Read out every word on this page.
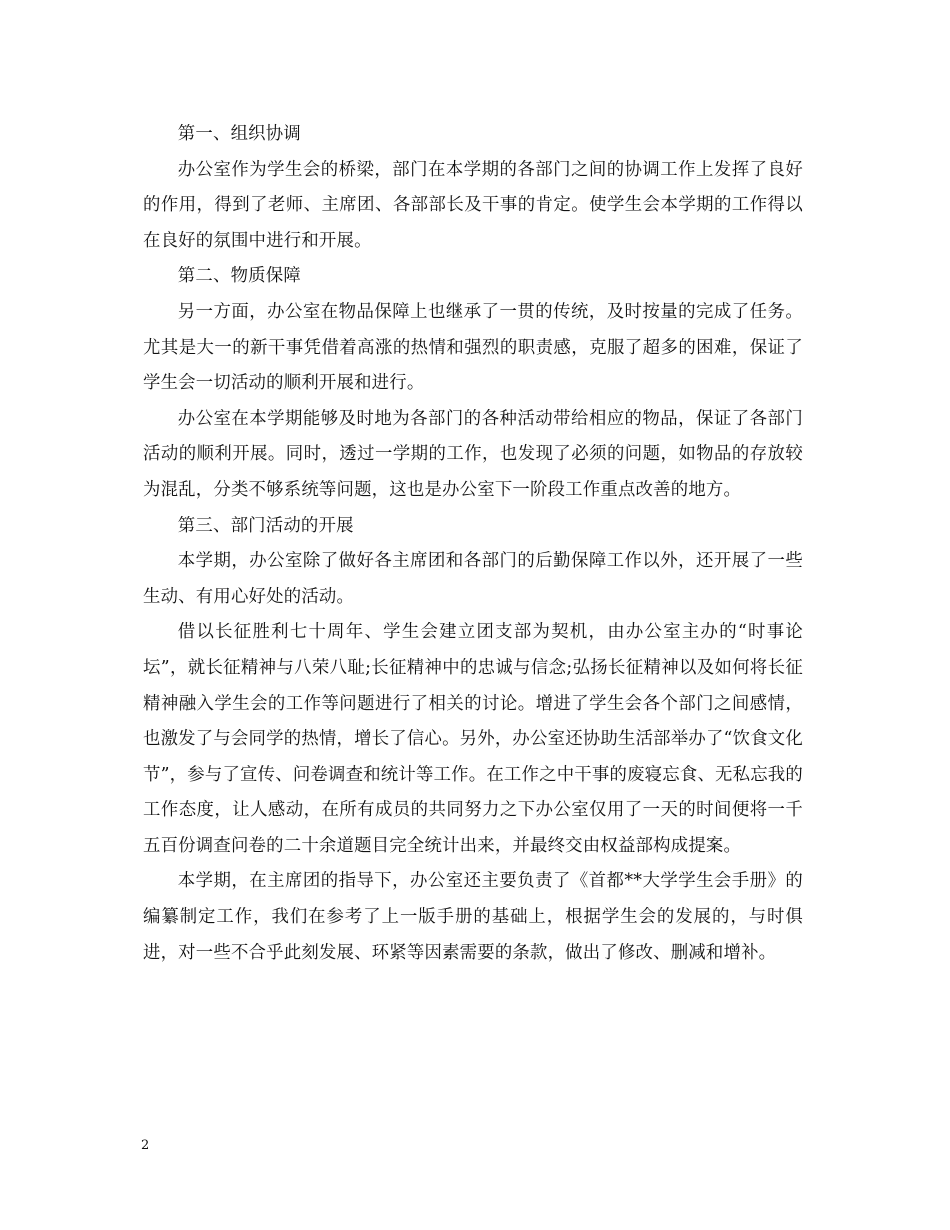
第一、组织协调

办公室作为学生会的桥梁，部门在本学期的各部门之间的协调工作上发挥了良好的作用，得到了老师、主席团、各部部长及干事的肯定。使学生会本学期的工作得以在良好的氛围中进行和开展。

第二、物质保障

另一方面，办公室在物品保障上也继承了一贯的传统，及时按量的完成了任务。尤其是大一的新干事凭借着高涨的热情和强烈的职责感，克服了超多的困难，保证了学生会一切活动的顺利开展和进行。

办公室在本学期能够及时地为各部门的各种活动带给相应的物品，保证了各部门活动的顺利开展。同时，透过一学期的工作，也发现了必须的问题，如物品的存放较为混乱，分类不够系统等问题，这也是办公室下一阶段工作重点改善的地方。

第三、部门活动的开展

本学期，办公室除了做好各主席团和各部门的后勤保障工作以外，还开展了一些生动、有用心好处的活动。

借以长征胜利七十周年、学生会建立团支部为契机，由办公室主办的“时事论坛”，就长征精神与八荣八耻;长征精神中的忠诚与信念;弘扬长征精神以及如何将长征精神融入学生会的工作等问题进行了相关的讨论。增进了学生会各个部门之间感情，也激发了与会同学的热情，增长了信心。另外，办公室还协助生活部举办了“饮食文化节”，参与了宣传、问卷调查和统计等工作。在工作之中干事的废寝忘食、无私忘我的工作态度，让人感动，在所有成员的共同努力之下办公室仅用了一天的时间便将一千五百份调查问卷的二十余道题目完全统计出来，并最终交由权益部构成提案。

本学期，在主席团的指导下，办公室还主要负责了《首都**大学学生会手册》的编纂制定工作，我们在参考了上一版手册的基础上，根据学生会的发展的，与时俱进，对一些不合乎此刻发展、环紧等因素需要的条款，做出了修改、删减和增补。

2
